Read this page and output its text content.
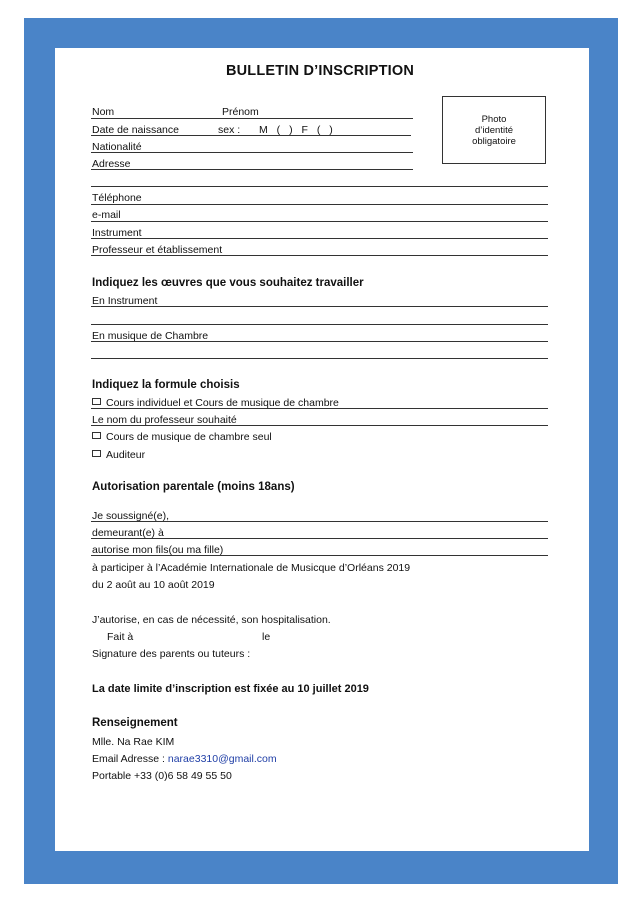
BULLETIN D’INSCRIPTION
Nom	Prénom
Date de naissance	sex : M ( ) F ( )
Nationalité
Adresse
Photo
d’identité
obligatoire
Téléphone
e-mail
Instrument
Professeur et établissement
Indiquez les œuvres que vous souhaitez travailler
En Instrument
En musique de Chambre
Indiquez la formule choisis
Cours individuel et Cours de musique de chambre
Le nom du professeur souhaité
Cours de musique de chambre seul
Auditeur
Autorisation parentale (moins 18ans)
Je soussigné(e),
demeurant(e) à
autorise mon fils(ou ma fille)
à participer à l’Académie Internationale de Musicque d’Orléans 2019
du 2 août au 10 août 2019
J’autorise, en cas de nécessité, son hospitalisation.
Fait à	le
Signature des parents ou tuteurs :
La date limite d’inscription est fixée au 10 juillet 2019
Renseignement
Mlle. Na Rae KIM
Email Adresse : narae3310@gmail.com
Portable +33 (0)6 58 49 55 50
